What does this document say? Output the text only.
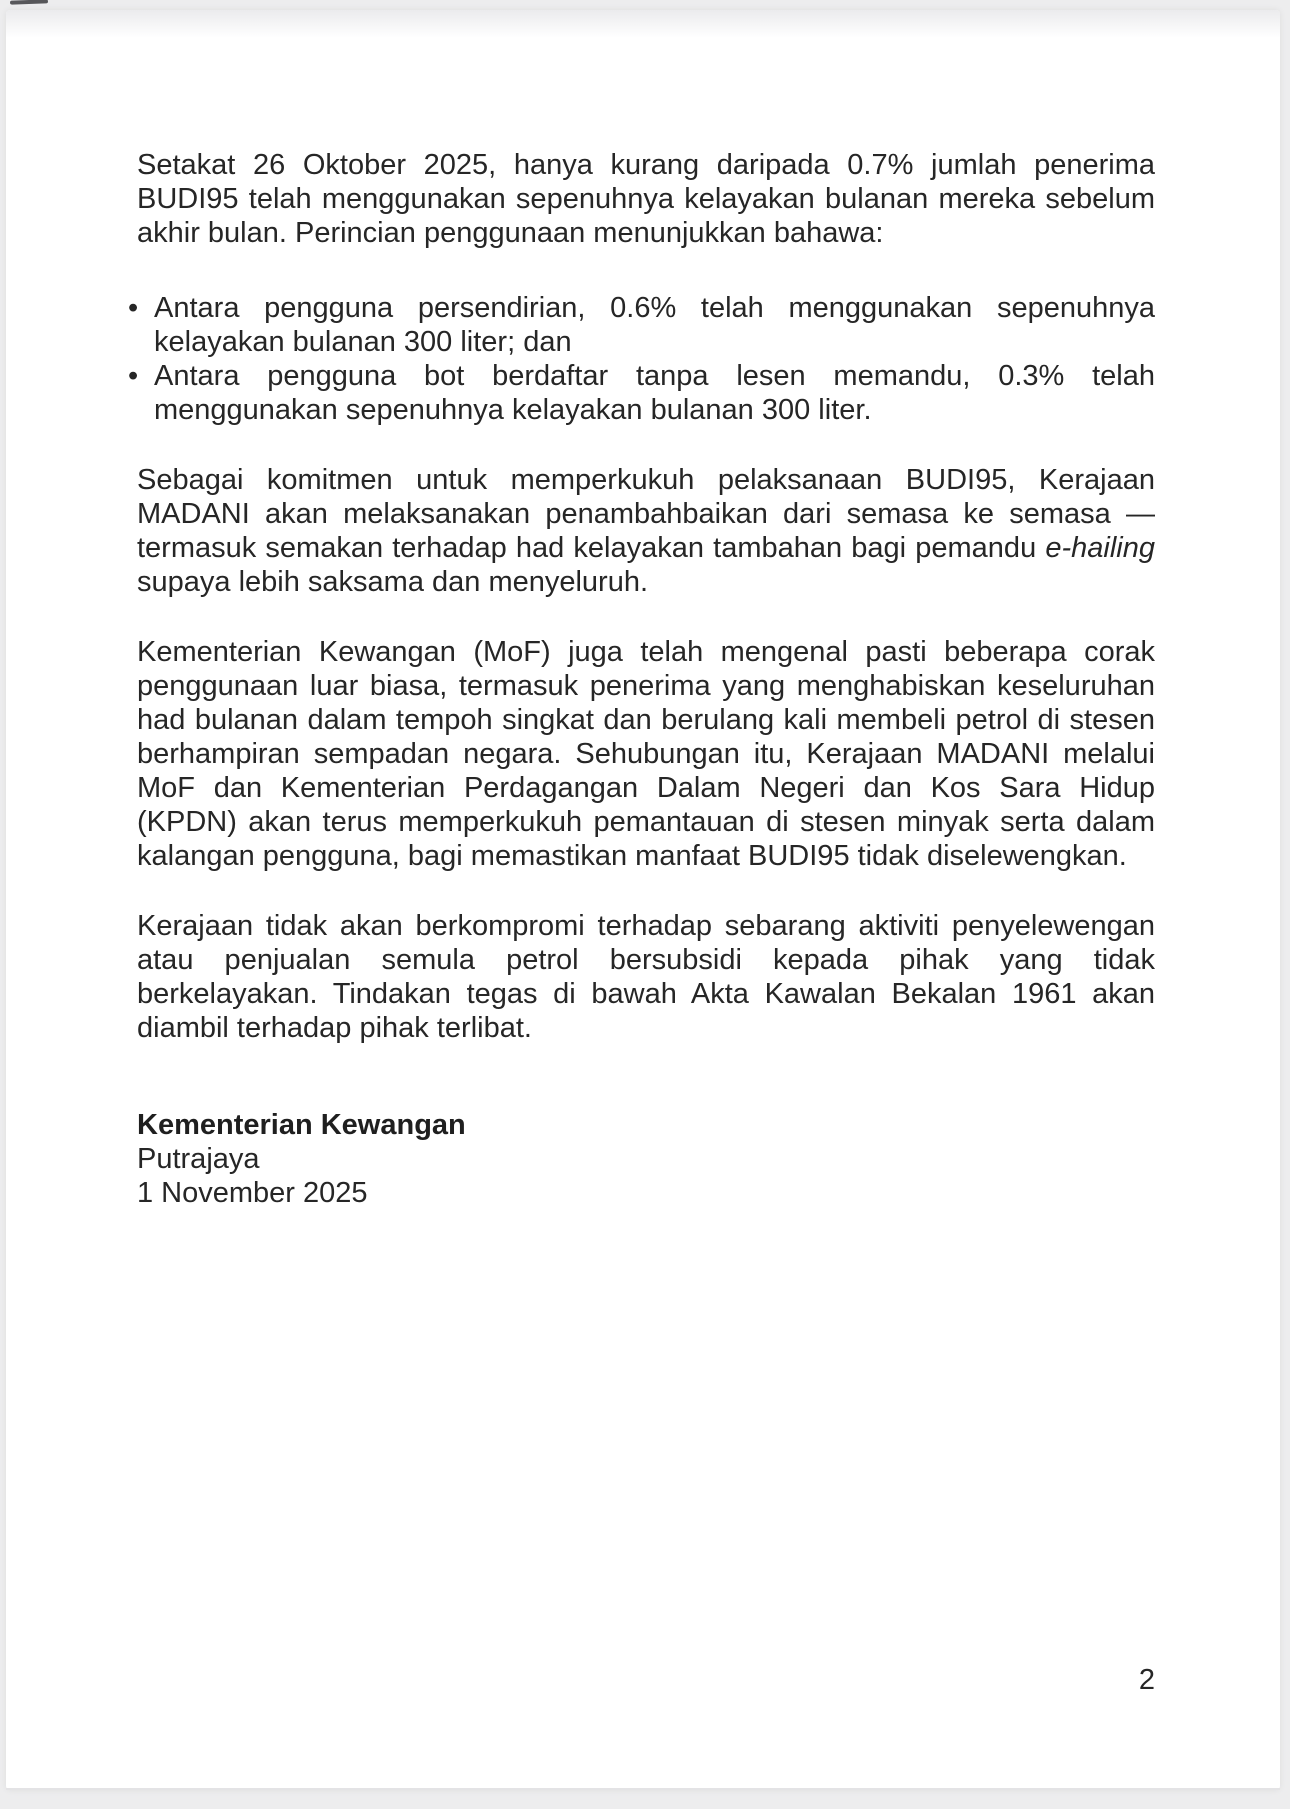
Setakat 26 Oktober 2025, hanya kurang daripada 0.7% jumlah penerima BUDI95 telah menggunakan sepenuhnya kelayakan bulanan mereka sebelum akhir bulan. Perincian penggunaan menunjukkan bahawa:

• Antara pengguna persendirian, 0.6% telah menggunakan sepenuhnya kelayakan bulanan 300 liter; dan
• Antara pengguna bot berdaftar tanpa lesen memandu, 0.3% telah menggunakan sepenuhnya kelayakan bulanan 300 liter.

Sebagai komitmen untuk memperkukuh pelaksanaan BUDI95, Kerajaan MADANI akan melaksanakan penambahbaikan dari semasa ke semasa — termasuk semakan terhadap had kelayakan tambahan bagi pemandu e-hailing supaya lebih saksama dan menyeluruh.

Kementerian Kewangan (MoF) juga telah mengenal pasti beberapa corak penggunaan luar biasa, termasuk penerima yang menghabiskan keseluruhan had bulanan dalam tempoh singkat dan berulang kali membeli petrol di stesen berhampiran sempadan negara. Sehubungan itu, Kerajaan MADANI melalui MoF dan Kementerian Perdagangan Dalam Negeri dan Kos Sara Hidup (KPDN) akan terus memperkukuh pemantauan di stesen minyak serta dalam kalangan pengguna, bagi memastikan manfaat BUDI95 tidak diselewengkan.

Kerajaan tidak akan berkompromi terhadap sebarang aktiviti penyelewengan atau penjualan semula petrol bersubsidi kepada pihak yang tidak berkelayakan. Tindakan tegas di bawah Akta Kawalan Bekalan 1961 akan diambil terhadap pihak terlibat.

Kementerian Kewangan
Putrajaya
1 November 2025
2
